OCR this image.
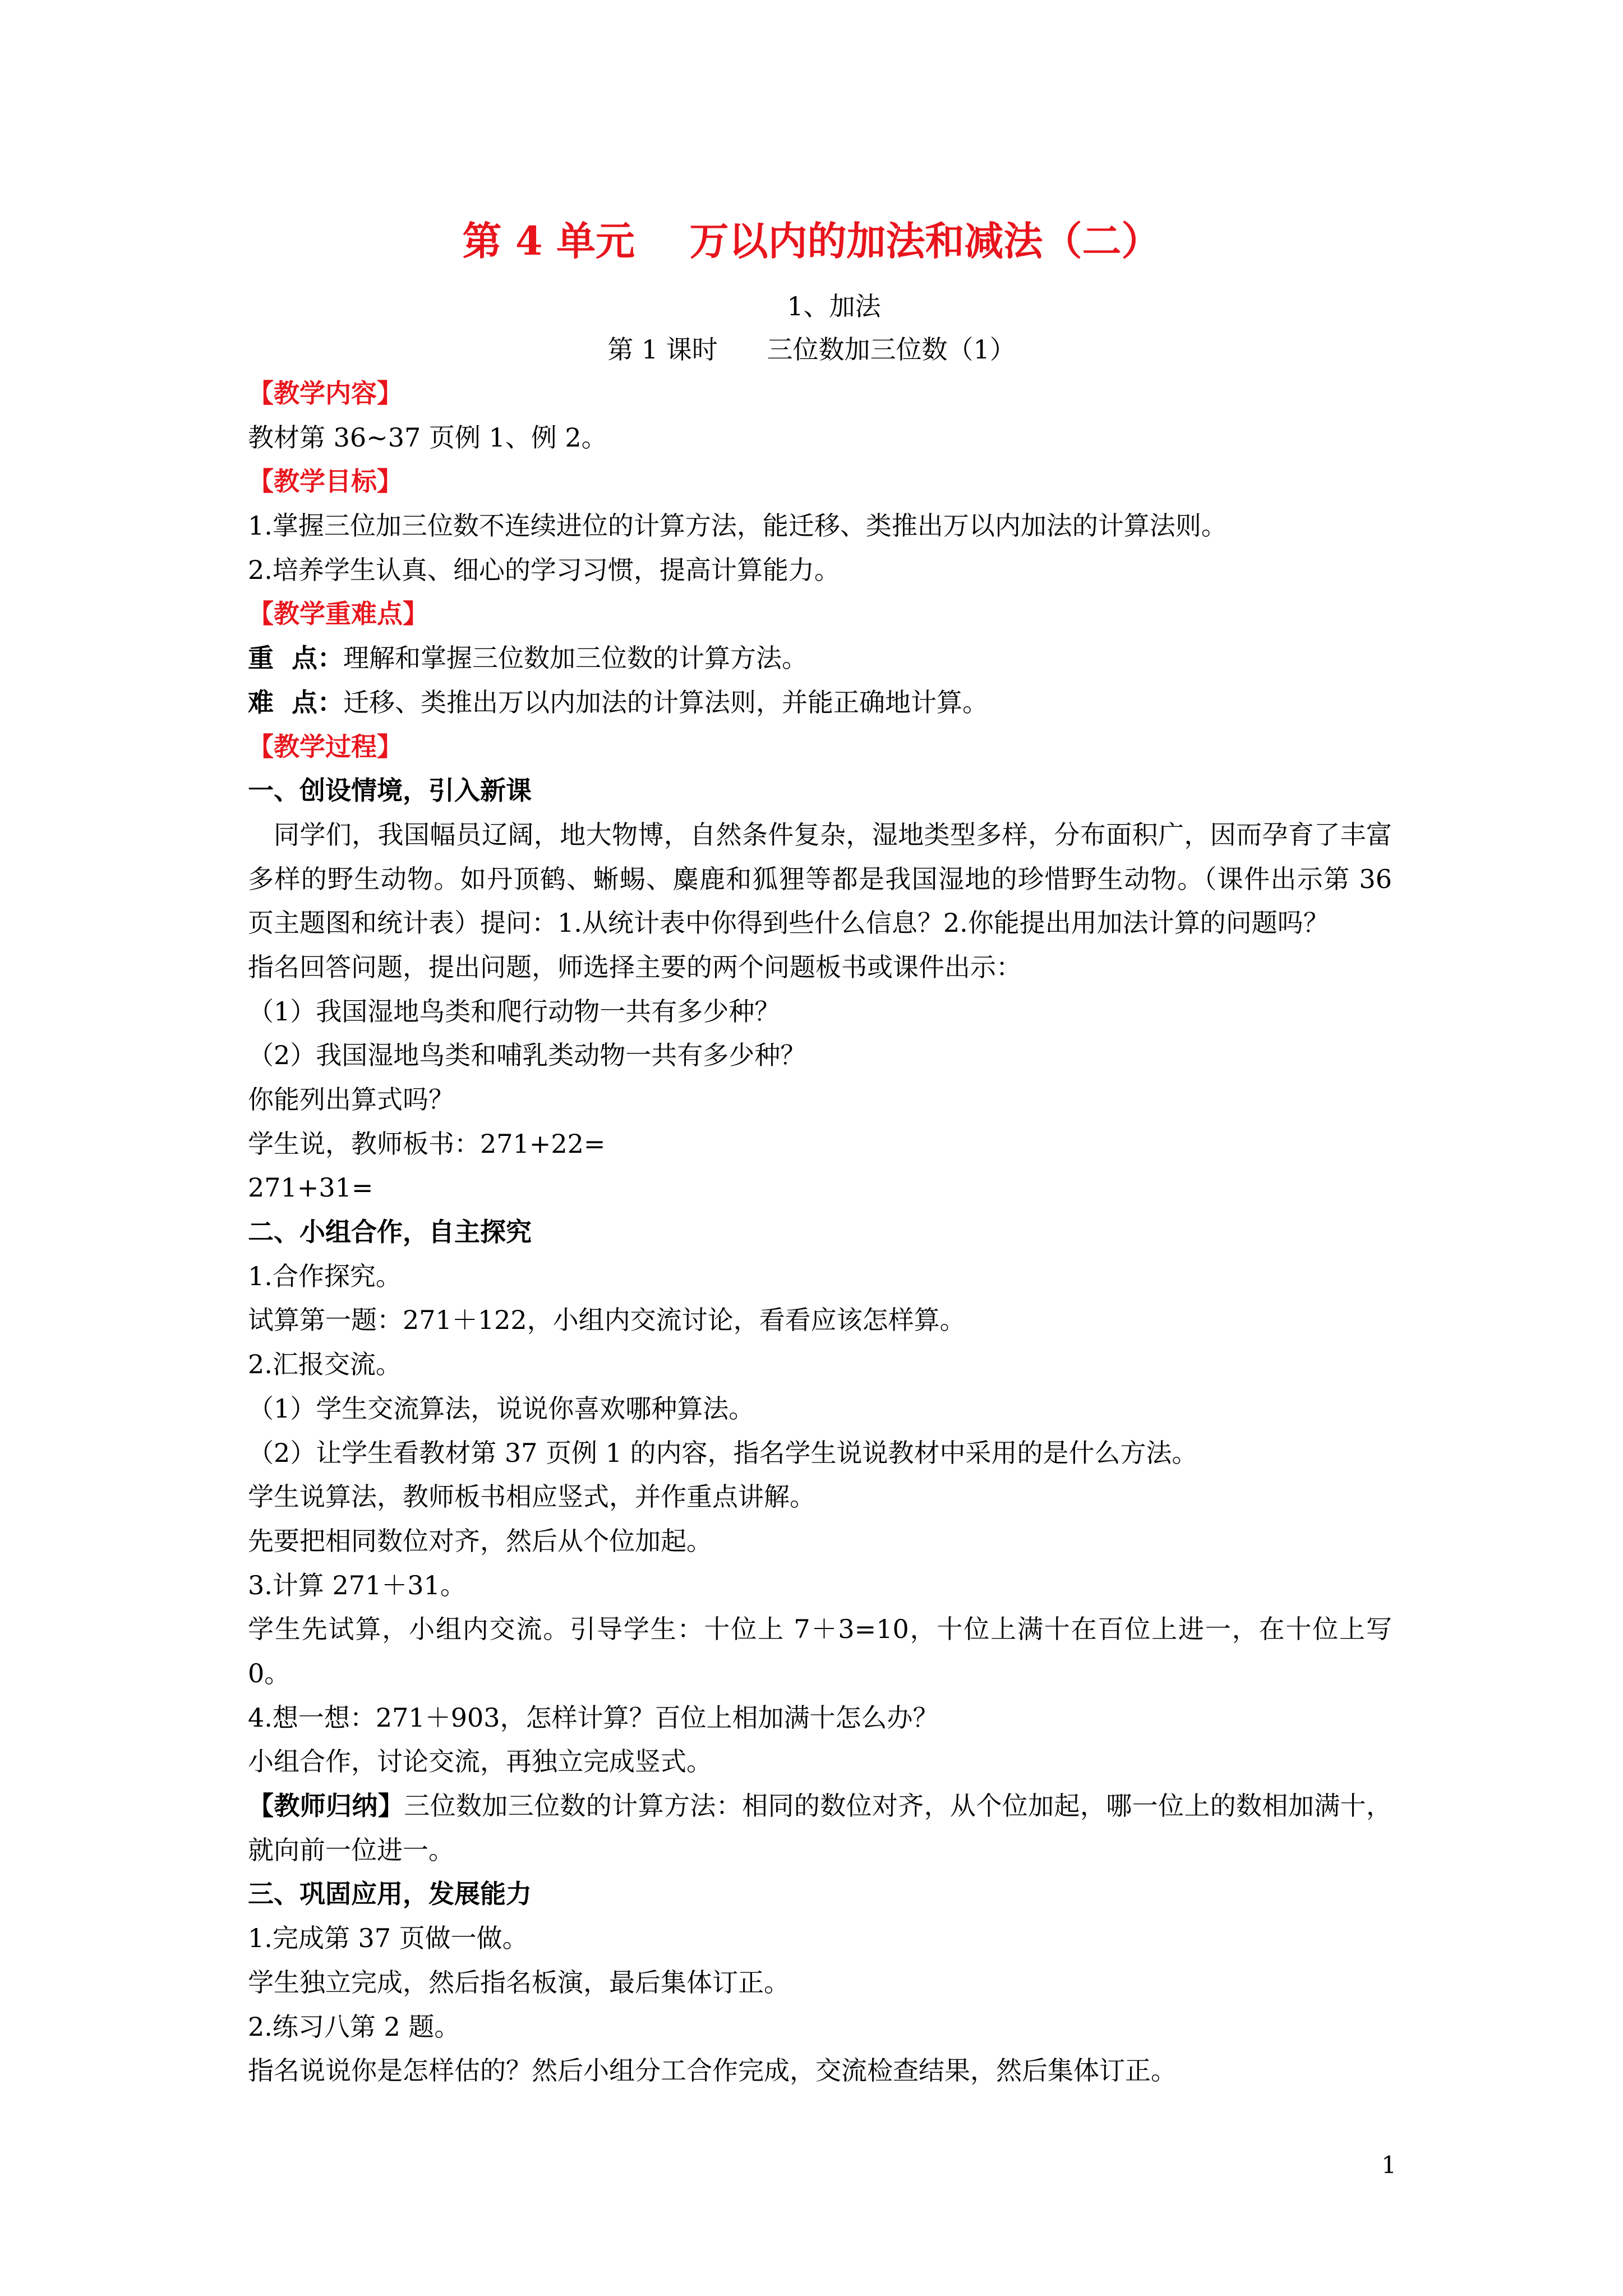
第 4 单元    万以内的加法和减法（二）
1、加法
第 1 课时      三位数加三位数（1）
【教学内容】
教材第 36~37 页例 1、例 2。
【教学目标】
1.掌握三位加三位数不连续进位的计算方法，能迁移、类推出万以内加法的计算法则。
2.培养学生认真、细心的学习习惯，提高计算能力。
【教学重难点】
重  点：理解和掌握三位数加三位数的计算方法。
难  点：迁移、类推出万以内加法的计算法则，并能正确地计算。
【教学过程】
一、创设情境，引入新课
同学们，我国幅员辽阔，地大物博，自然条件复杂，湿地类型多样，分布面积广，因而孕育了丰富多样的野生动物。如丹顶鹤、蜥蜴、麋鹿和狐狸等都是我国湿地的珍惜野生动物。（课件出示第 36 页主题图和统计表）提问：1.从统计表中你得到些什么信息？2.你能提出用加法计算的问题吗？
指名回答问题，提出问题，师选择主要的两个问题板书或课件出示：
（1）我国湿地鸟类和爬行动物一共有多少种？
（2）我国湿地鸟类和哺乳类动物一共有多少种？
你能列出算式吗？
学生说，教师板书：271+22=
271+31=
二、小组合作，自主探究
1.合作探究。
试算第一题：271＋122，小组内交流讨论，看看应该怎样算。
2.汇报交流。
（1）学生交流算法，说说你喜欢哪种算法。
（2）让学生看教材第 37 页例 1 的内容，指名学生说说教材中采用的是什么方法。
学生说算法，教师板书相应竖式，并作重点讲解。
先要把相同数位对齐，然后从个位加起。
3.计算 271＋31。
学生先试算，小组内交流。引导学生：十位上 7＋3=10，十位上满十在百位上进一，在十位上写 0。
4.想一想：271＋903，怎样计算？百位上相加满十怎么办？
小组合作，讨论交流，再独立完成竖式。
【教师归纳】三位数加三位数的计算方法：相同的数位对齐，从个位加起，哪一位上的数相加满十，就向前一位进一。
三、巩固应用，发展能力
1.完成第 37 页做一做。
学生独立完成，然后指名板演，最后集体订正。
2.练习八第 2 题。
指名说说你是怎样估的？然后小组分工合作完成，交流检查结果，然后集体订正。
1
